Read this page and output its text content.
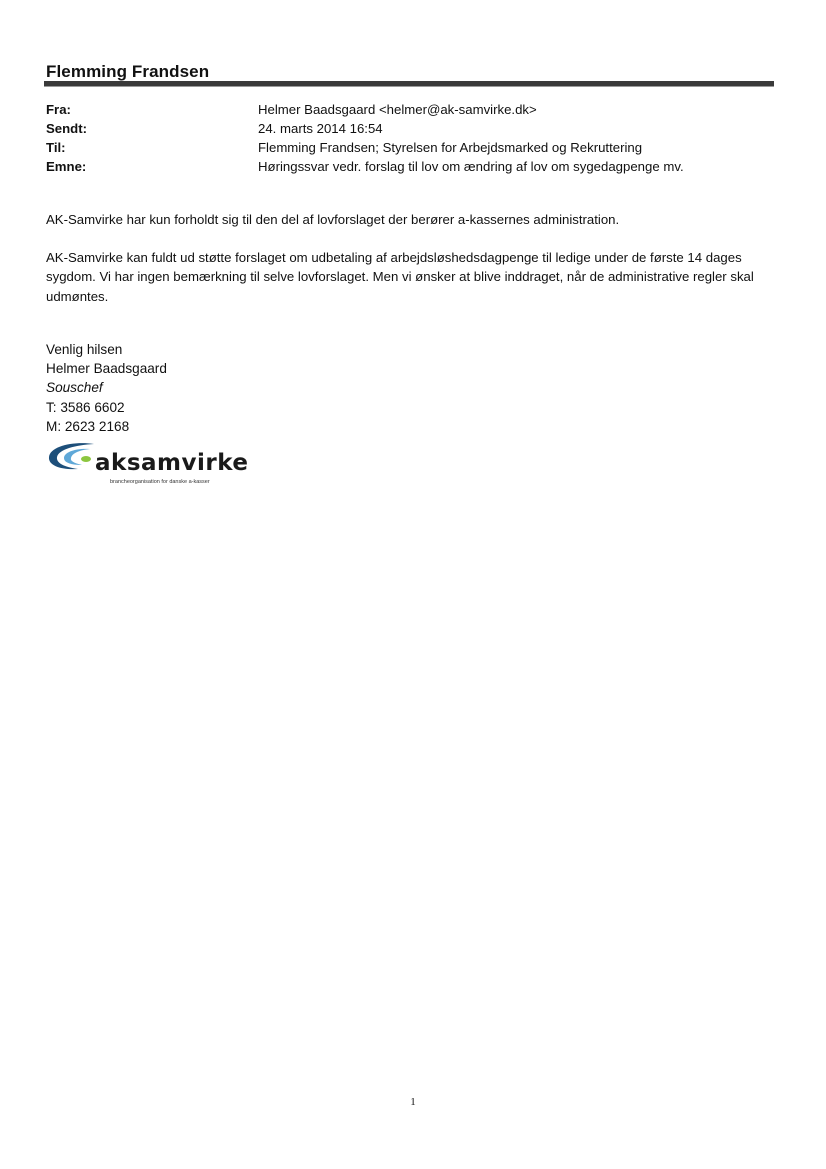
Flemming Frandsen
Fra:	Helmer Baadsgaard <helmer@ak-samvirke.dk>
Sendt:	24. marts 2014 16:54
Til:	Flemming Frandsen; Styrelsen for Arbejdsmarked og Rekruttering
Emne:	Høringssvar vedr. forslag til lov om ændring af lov om sygedagpenge mv.

AK-Samvirke har kun forholdt sig til den del af lovforslaget der berører a-kassernes administration.

AK-Samvirke kan fuldt ud støtte forslaget om udbetaling af arbejdsløshedsdagpenge til ledige under de første 14 dages sygdom. Vi har ingen bemærkning til selve lovforslaget. Men vi ønsker at blive inddraget, når de administrative regler skal udmøntes.

Venlig hilsen
Helmer Baadsgaard
Souschef
T: 3586 6602
M: 2623 2168
aksamvirke
brancheorganisation for danske a-kasser
1
